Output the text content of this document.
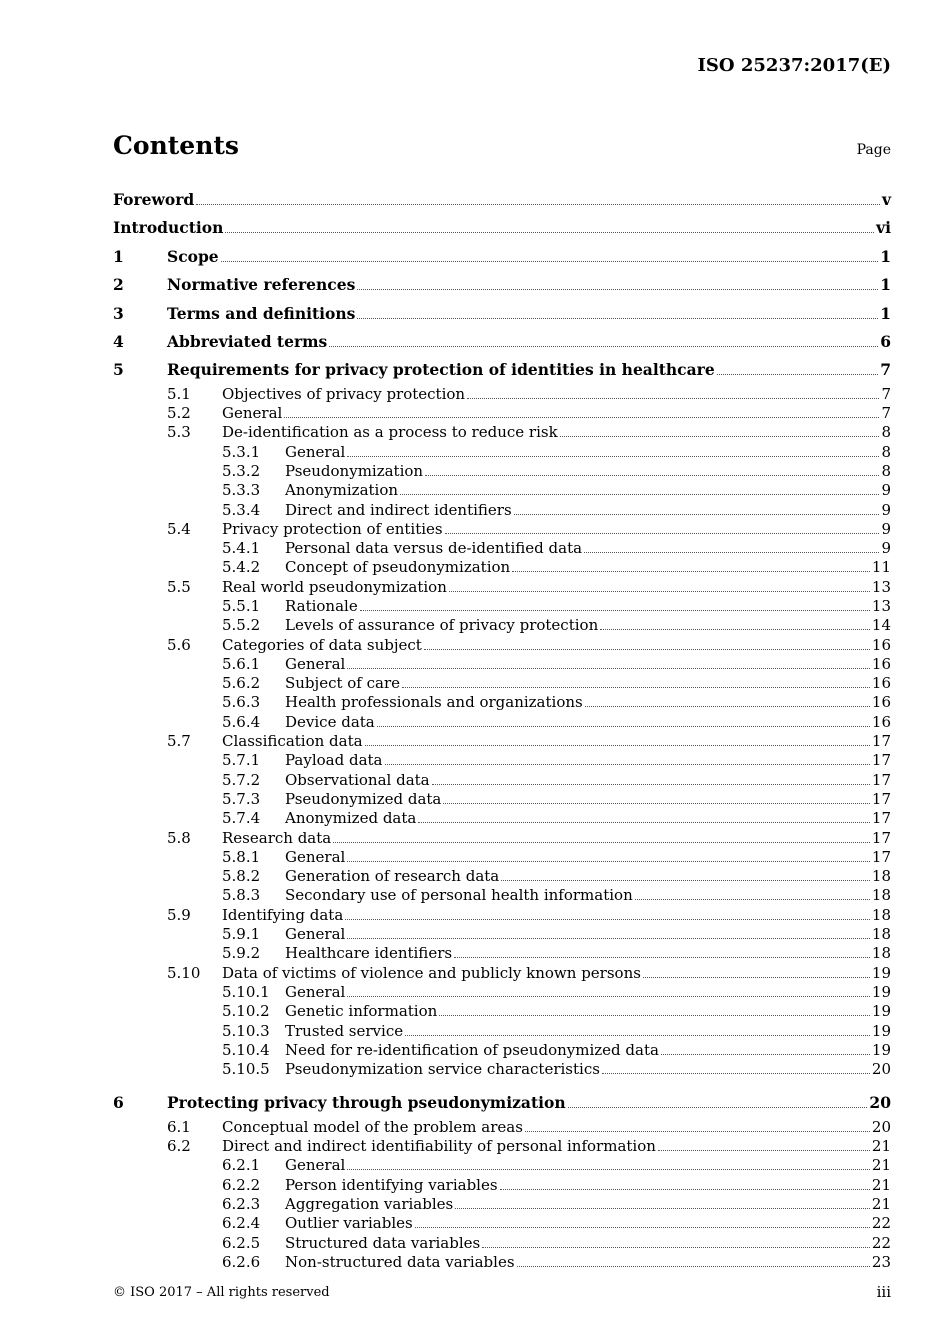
ISO 25237:2017(E)
Contents	Page
Foreword	v
Introduction	vi
1	Scope	1
2	Normative references	1
3	Terms and definitions	1
4	Abbreviated terms	6
5	Requirements for privacy protection of identities in healthcare	7
5.1	Objectives of privacy protection	7
5.2	General	7
5.3	De-identification as a process to reduce risk	8
5.3.1	General	8
5.3.2	Pseudonymization	8
5.3.3	Anonymization	9
5.3.4	Direct and indirect identifiers	9
5.4	Privacy protection of entities	9
5.4.1	Personal data versus de-identified data	9
5.4.2	Concept of pseudonymization	11
5.5	Real world pseudonymization	13
5.5.1	Rationale	13
5.5.2	Levels of assurance of privacy protection	14
5.6	Categories of data subject	16
5.6.1	General	16
5.6.2	Subject of care	16
5.6.3	Health professionals and organizations	16
5.6.4	Device data	16
5.7	Classification data	17
5.7.1	Payload data	17
5.7.2	Observational data	17
5.7.3	Pseudonymized data	17
5.7.4	Anonymized data	17
5.8	Research data	17
5.8.1	General	17
5.8.2	Generation of research data	18
5.8.3	Secondary use of personal health information	18
5.9	Identifying data	18
5.9.1	General	18
5.9.2	Healthcare identifiers	18
5.10	Data of victims of violence and publicly known persons	19
5.10.1	General	19
5.10.2	Genetic information	19
5.10.3	Trusted service	19
5.10.4	Need for re-identification of pseudonymized data	19
5.10.5	Pseudonymization service characteristics	20
6	Protecting privacy through pseudonymization	20
6.1	Conceptual model of the problem areas	20
6.2	Direct and indirect identifiability of personal information	21
6.2.1	General	21
6.2.2	Person identifying variables	21
6.2.3	Aggregation variables	21
6.2.4	Outlier variables	22
6.2.5	Structured data variables	22
6.2.6	Non-structured data variables	23
© ISO 2017 – All rights reserved	iii
